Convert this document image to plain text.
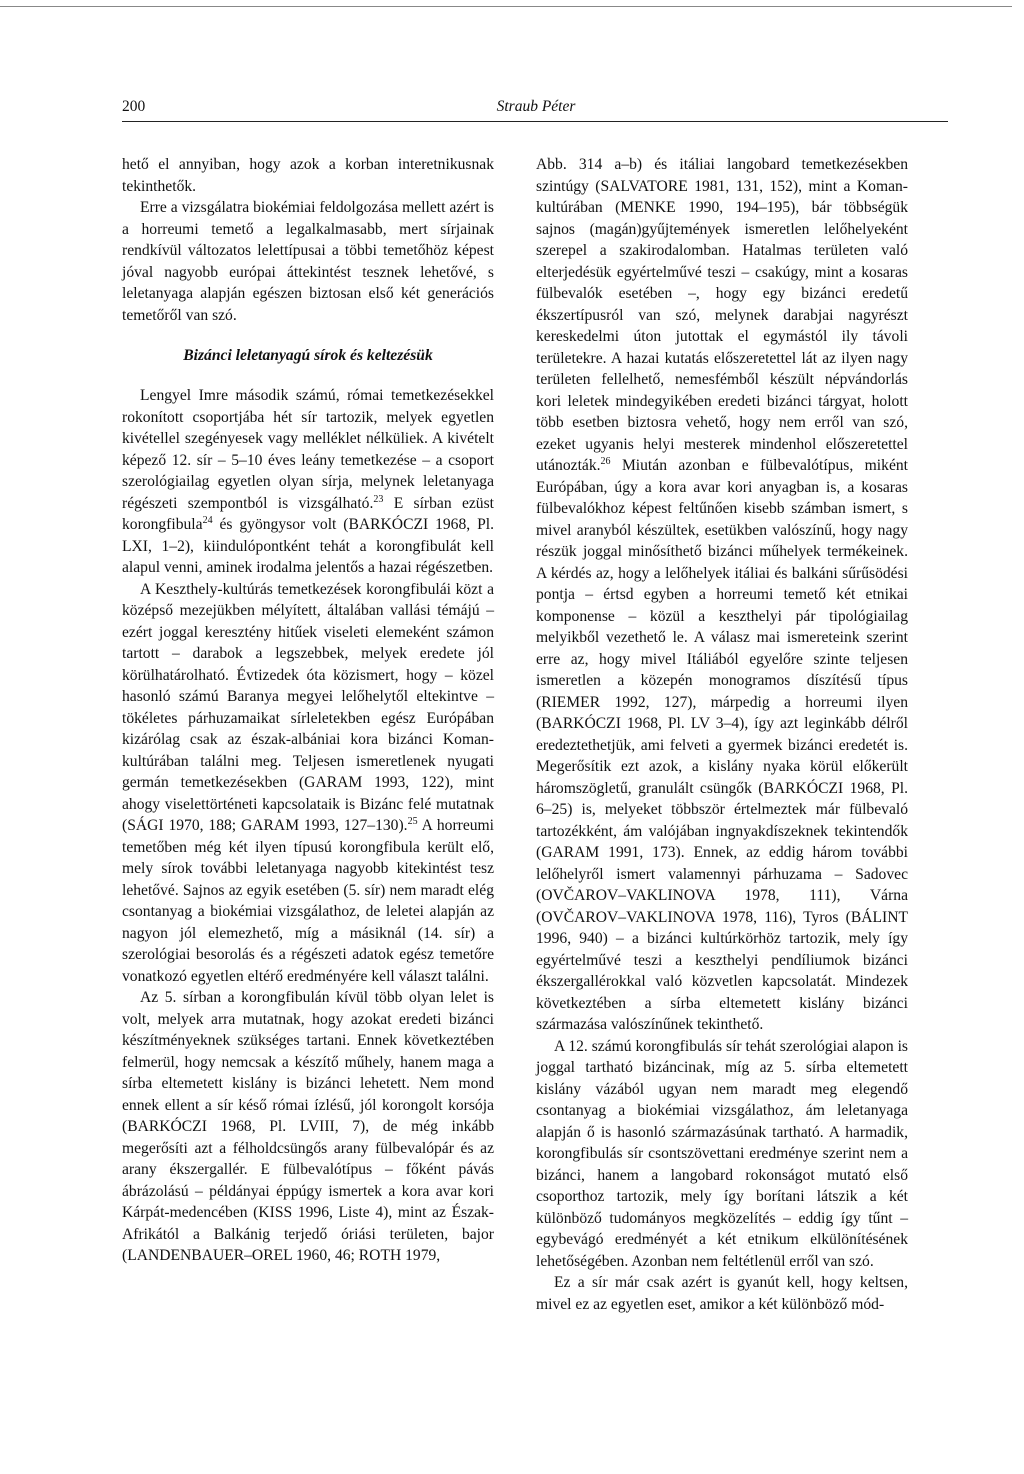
200	Straub Péter

hető el annyiban, hogy azok a korban interetnikusnak tekinthetők.

Erre a vizsgálatra biokémiai feldolgozása mellett azért is a horreumi temető a legalkalmasabb, mert sírjainak rendkívül változatos lelettípusai a többi temetőhöz képest jóval nagyobb európai áttekintést tesznek lehetővé, s leletanyaga alapján egészen biztosan első két generációs temetőről van szó.

Bizánci leletanyagú sírok és keltezésük

Lengyel Imre második számú, római temetkezésekkel rokonított csoportjába hét sír tartozik, melyek egyetlen kivétellel szegényesek vagy melléklet nélküliek. A kivételt képező 12. sír – 5–10 éves leány temetkezése – a csoport szerológiailag egyetlen olyan sírja, melynek leletanyaga régészeti szempontból is vizsgálható.$^{23}$ E sírban ezüst korongfibula$^{24}$ és gyöngysor volt (BARKÓCZI 1968, Pl. LXI, 1–2), kiindulópontként tehát a korongfibulát kell alapul venni, aminek irodalma jelentős a hazai régészetben.

A Keszthely-kultúrás temetkezések korongfibulái közt a középső mezejükben mélyített, általában vallási témájú – ezért joggal keresztény hitűek viseleti elemeként számon tartott – darabok a legszebbek, melyek eredete jól körülhatárolható. Évtizedek óta közismert, hogy – közel hasonló számú Baranya megyei lelőhelytől eltekintve – tökéletes párhuzamaikat sírleletekben egész Európában kizárólag csak az észak-albániai kora bizánci Koman-kultúrában találni meg. Teljesen ismeretlenek nyugati germán temetkezésekben (GARAM 1993, 122), mint ahogy viselettörténeti kapcsolataik is Bizánc felé mutatnak (SÁGI 1970, 188; GARAM 1993, 127–130).$^{25}$ A horreumi temetőben még két ilyen típusú korongfibula került elő, mely sírok további leletanyaga nagyobb kitekintést tesz lehetővé. Sajnos az egyik esetében (5. sír) nem maradt elég csontanyag a biokémiai vizsgálathoz, de leletei alapján az nagyon jól elemezhető, míg a másiknál (14. sír) a szerológiai besorolás és a régészeti adatok egész temetőre vonatkozó egyetlen eltérő eredményére kell választ találni.

Az 5. sírban a korongfibulán kívül több olyan lelet is volt, melyek arra mutatnak, hogy azokat eredeti bizánci készítményeknek szükséges tartani. Ennek következtében felmerül, hogy nemcsak a készítő műhely, hanem maga a sírba eltemetett kislány is bizánci lehetett. Nem mond ennek ellent a sír késő római ízlésű, jól korongolt korsója (BARKÓCZI 1968, Pl. LVIII, 7), de még inkább megerősíti azt a félholdcsüngős arany fülbevalópár és az arany ékszergallér. E fülbevalótípus – főként pávás ábrázolású – példányai éppúgy ismertek a kora avar kori Kárpát-medencében (KISS 1996, Liste 4), mint az Észak-Afrikától a Balkánig terjedő óriási területen, bajor (LANDENBAUER–OREL 1960, 46; ROTH 1979,

Abb. 314 a–b) és itáliai langobard temetkezésekben szintúgy (SALVATORE 1981, 131, 152), mint a Koman-kultúrában (MENKE 1990, 194–195), bár többségük sajnos (magán)gyűjtemények ismeretlen lelőhelyeként szerepel a szakirodalomban. Hatalmas területen való elterjedésük egyértelművé teszi – csakúgy, mint a kosaras fülbevalók esetében –, hogy egy bizánci eredetű ékszertípusról van szó, melynek darabjai nagyrészt kereskedelmi úton jutottak el egymástól ily távoli területekre. A hazai kutatás előszeretettel lát az ilyen nagy területen fellelhető, nemesfémből készült népvándorlás kori leletek mindegyikében eredeti bizánci tárgyat, holott több esetben biztosra vehető, hogy nem erről van szó, ezeket ugyanis helyi mesterek mindenhol előszeretettel utánozták.$^{26}$ Miután azonban e fülbevalótípus, miként Európában, úgy a kora avar kori anyagban is, a kosaras fülbevalókhoz képest feltűnően kisebb számban ismert, s mivel aranyból készültek, esetükben valószínű, hogy nagy részük joggal minősíthető bizánci műhelyek termékeinek. A kérdés az, hogy a lelőhelyek itáliai és balkáni sűrűsödési pontja – értsd egyben a horreumi temető két etnikai komponense – közül a keszthelyi pár tipológiailag melyikből vezethető le. A válasz mai ismereteink szerint erre az, hogy mivel Itáliából egyelőre szinte teljesen ismeretlen a közepén monogramos díszítésű típus (RIEMER 1992, 127), márpedig a horreumi ilyen (BARKÓCZI 1968, Pl. LV 3–4), így azt leginkább délről eredeztethetjük, ami felveti a gyermek bizánci eredetét is. Megerősítik ezt azok, a kislány nyaka körül előkerült háromszögletű, granulált csüngők (BARKÓCZI 1968, Pl. 6–25) is, melyeket többször értelmeztek már fülbevaló tartozékként, ám valójában ingnyakdíszeknek tekintendők (GARAM 1991, 173). Ennek, az eddig három további lelőhelyről ismert valamennyi párhuzama – Sadovec (OVČAROV–VAKLINOVA 1978, 111), Várna (OVČAROV–VAKLINOVA 1978, 116), Tyros (BÁLINT 1996, 940) – a bizánci kultúrkörhöz tartozik, mely így egyértelművé teszi a keszthelyi pendíliumok bizánci ékszergallérokkal való közvetlen kapcsolatát. Mindezek következtében a sírba eltemetett kislány bizánci származása valószínűnek tekinthető.

A 12. számú korongfibulás sír tehát szerológiai alapon is joggal tartható bizáncinak, míg az 5. sírba eltemetett kislány vázából ugyan nem maradt meg elegendő csontanyag a biokémiai vizsgálathoz, ám leletanyaga alapján ő is hasonló származásúnak tartható. A harmadik, korongfibulás sír csontszövettani eredménye szerint nem a bizánci, hanem a langobard rokonságot mutató első csoporthoz tartozik, mely így borítani látszik a két különböző tudományos megközelítés – eddig így tűnt – egybevágó eredményét a két etnikum elkülönítésének lehetőségében. Azonban nem feltétlenül erről van szó.

Ez a sír már csak azért is gyanút kell, hogy keltsen, mivel ez az egyetlen eset, amikor a két különböző mód-
